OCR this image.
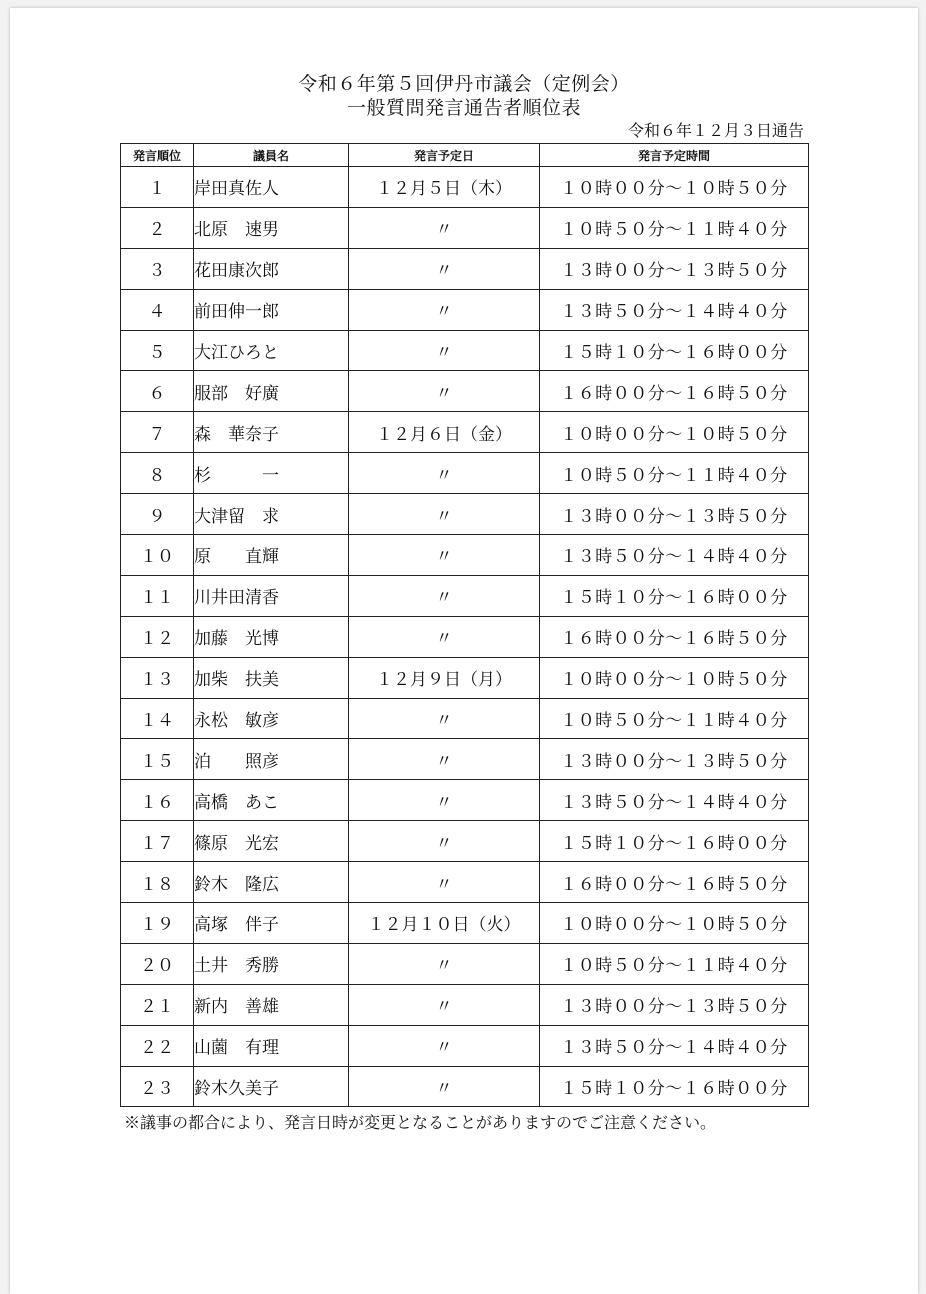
令和６年第５回伊丹市議会（定例会）
一般質問発言通告者順位表
令和６年１２月３日通告
発言順位	議員名	発言予定日	発言予定時間
１	岸田真佐人	１２月５日（木）	１０時００分～１０時５０分
２	北原　速男	〃	１０時５０分～１１時４０分
３	花田康次郎	〃	１３時００分～１３時５０分
４	前田伸一郎	〃	１３時５０分～１４時４０分
５	大江ひろと	〃	１５時１０分～１６時００分
６	服部　好廣	〃	１６時００分～１６時５０分
７	森　華奈子	１２月６日（金）	１０時００分～１０時５０分
８	杉　　　一	〃	１０時５０分～１１時４０分
９	大津留　求	〃	１３時００分～１３時５０分
１０	原　　直輝	〃	１３時５０分～１４時４０分
１１	川井田清香	〃	１５時１０分～１６時００分
１２	加藤　光博	〃	１６時００分～１６時５０分
１３	加柴　扶美	１２月９日（月）	１０時００分～１０時５０分
１４	永松　敏彦	〃	１０時５０分～１１時４０分
１５	泊　　照彦	〃	１３時００分～１３時５０分
１６	高橋　あこ	〃	１３時５０分～１４時４０分
１７	篠原　光宏	〃	１５時１０分～１６時００分
１８	鈴木　隆広	〃	１６時００分～１６時５０分
１９	高塚　伴子	１２月１０日（火）	１０時００分～１０時５０分
２０	土井　秀勝	〃	１０時５０分～１１時４０分
２１	新内　善雄	〃	１３時００分～１３時５０分
２２	山薗　有理	〃	１３時５０分～１４時４０分
２３	鈴木久美子	〃	１５時１０分～１６時００分
※議事の都合により、発言日時が変更となることがありますのでご注意ください。
